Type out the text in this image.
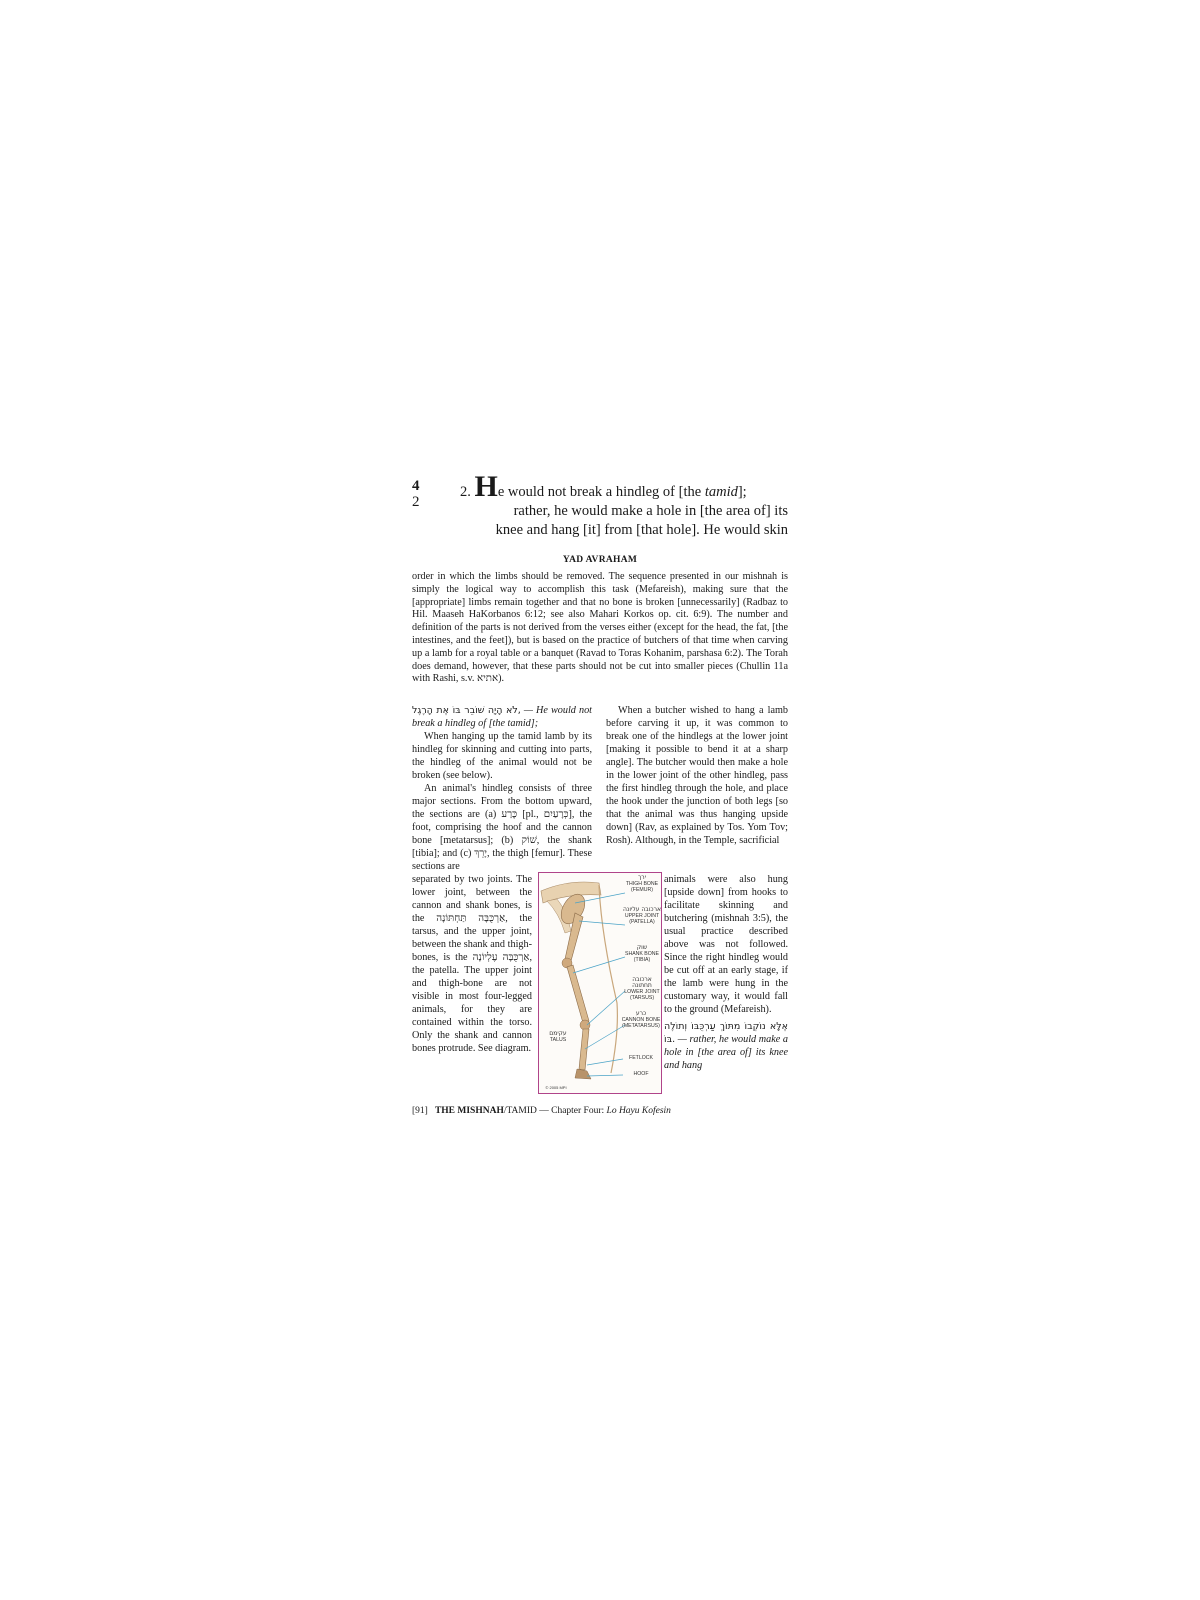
4
2
2. He would not break a hindleg of [the tamid];
rather, he would make a hole in [the area of] its
knee and hang [it] from [that hole]. He would skin
YAD AVRAHAM
order in which the limbs should be removed. The sequence presented in our mishnah is simply the logical way to accomplish this task (Mefareish), making sure that the [appropriate] limbs remain together and that no bone is broken [unnecessarily] (Radbaz to Hil. Maaseh HaKorbanos 6:12; see also Mahari Korkos op. cit. 6:9). The number and definition of the parts is not derived from the verses either (except for the head, the fat, [the intestines, and the feet]), but is based on the practice of butchers of that time when carving up a lamb for a royal table or a banquet (Ravad to Toras Kohanim, parshasa 6:2). The Torah does demand, however, that these parts should not be cut into smaller pieces (Chullin 11a with Rashi, s.v. אתיא).

לֹא הָיָה שׁוֹבֵר בּוֹ אֶת הָרֶגֶל, — He would not break a hindleg of [the tamid];

When hanging up the tamid lamb by its hindleg for skinning and cutting into parts, the hindleg of the animal would not be broken (see below).

An animal's hindleg consists of three major sections. From the bottom upward, the sections are (a) כֶּרַע [pl., כְּרָעַיִם], the foot, comprising the hoof and the cannon bone [metatarsus]; (b) שׁוֹק, the shank [tibia]; and (c) יָרֵךְ, the thigh [femur]. These sections are

separated by two joints. The lower joint, between the cannon and shank bones, is the אַרְכֻּבָּה תַּחְתּוֹנָה, the tarsus, and the upper joint, between the shank and thigh-bones, is the אַרְכֻּבָּה עֶלְיוֹנָה, the patella. The upper joint and thigh-bone are not visible in most four-legged animals, for they are contained within the torso. Only the shank and cannon bones protrude. See diagram.

When a butcher wished to hang a lamb before carving it up, it was common to break one of the hindlegs at the lower joint [making it possible to bend it at a sharp angle]. The butcher would then make a hole in the lower joint of the other hindleg, pass the first hindleg through the hole, and place the hook under the junction of both legs [so that the animal was thus hanging upside down] (Rav, as explained by Tos. Yom Tov; Rosh). Although, in the Temple, sacrificial

animals were also hung [upside down] from hooks to facilitate skinning and butchering (mishnah 3:5), the usual practice described above was not followed. Since the right hindleg would be cut off at an early stage, if the lamb were hung in the customary way, it would fall to the ground (Mefareish).

אֶלָּא נוֹקְבוֹ מִתּוֹךְ עַרְכֻּבּוֹ וְתוֹלֶה בּוֹ. — rather, he would make a hole in [the area of] its knee and hang

ירך
THIGH BONE
(FEMUR)
ארכובה עליונה
UPPER JOINT
(PATELLA)
שוק
SHANK BONE
(TIBIA)
ארכובה תחתונה
LOWER JOINT
(TARSUS)
כרע
CANNON BONE
(METATARSUS)
עקימם
TALUS
FETLOCK
HOOF
© 2005 MPI
[91] THE MISHNAH/TAMID — Chapter Four: Lo Hayu Kofesin
